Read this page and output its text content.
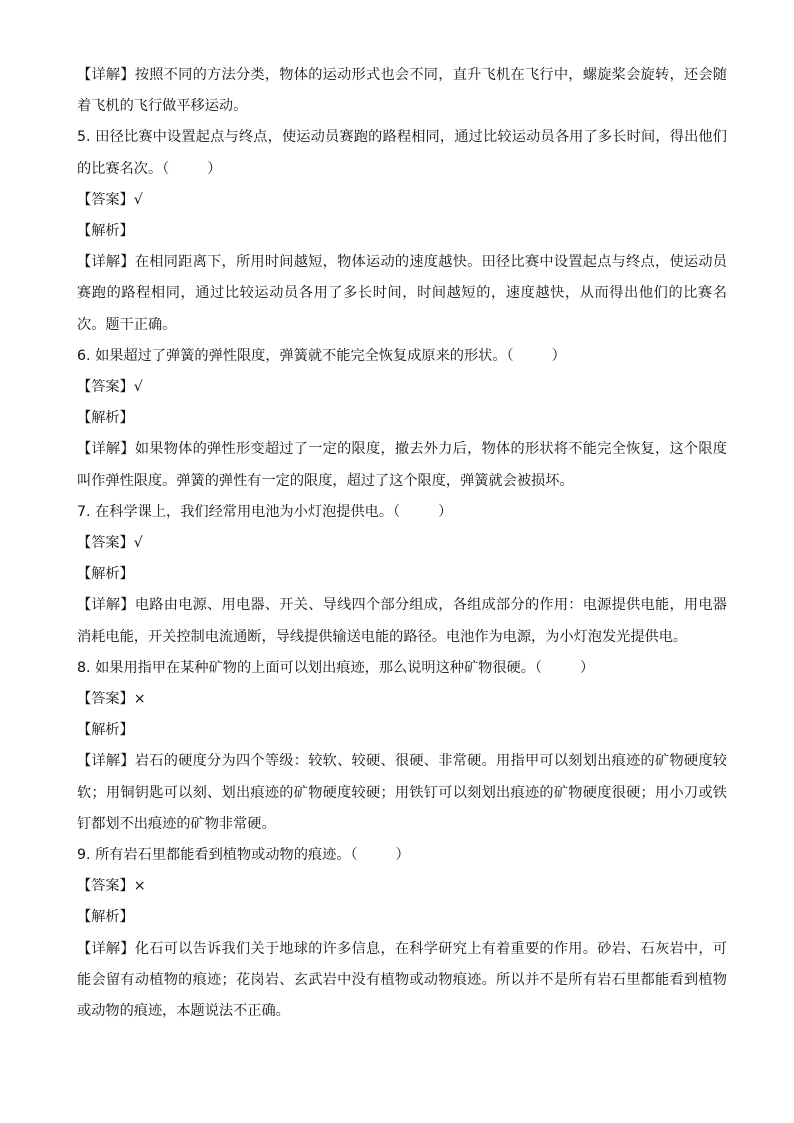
【详解】按照不同的方法分类，物体的运动形式也会不同，直升飞机在飞行中，螺旋桨会旋转，还会随着飞机的飞行做平移运动。

5. 田径比赛中设置起点与终点，使运动员赛跑的路程相同，通过比较运动员各用了多长时间，得出他们的比赛名次。（	）

【答案】√

【解析】

【详解】在相同距离下，所用时间越短，物体运动的速度越快。田径比赛中设置起点与终点，使运动员赛跑的路程相同，通过比较运动员各用了多长时间，时间越短的，速度越快，从而得出他们的比赛名次。题干正确。

6. 如果超过了弹簧的弹性限度，弹簧就不能完全恢复成原来的形状。（	）

【答案】√

【解析】

【详解】如果物体的弹性形变超过了一定的限度，撤去外力后，物体的形状将不能完全恢复，这个限度叫作弹性限度。弹簧的弹性有一定的限度，超过了这个限度，弹簧就会被损坏。

7. 在科学课上，我们经常用电池为小灯泡提供电。（	）

【答案】√

【解析】

【详解】电路由电源、用电器、开关、导线四个部分组成，各组成部分的作用：电源提供电能，用电器消耗电能，开关控制电流通断，导线提供输送电能的路径。电池作为电源，为小灯泡发光提供电。

8. 如果用指甲在某种矿物的上面可以划出痕迹，那么说明这种矿物很硬。（	）

【答案】×

【解析】

【详解】岩石的硬度分为四个等级：较软、较硬、很硬、非常硬。用指甲可以刻划出痕迹的矿物硬度较软；用铜钥匙可以刻、划出痕迹的矿物硬度较硬；用铁钉可以刻划出痕迹的矿物硬度很硬；用小刀或铁钉都划不出痕迹的矿物非常硬。

9. 所有岩石里都能看到植物或动物的痕迹。（	）

【答案】×

【解析】

【详解】化石可以告诉我们关于地球的许多信息，在科学研究上有着重要的作用。砂岩、石灰岩中，可能会留有动植物的痕迹；花岗岩、玄武岩中没有植物或动物痕迹。所以并不是所有岩石里都能看到植物或动物的痕迹，本题说法不正确。
